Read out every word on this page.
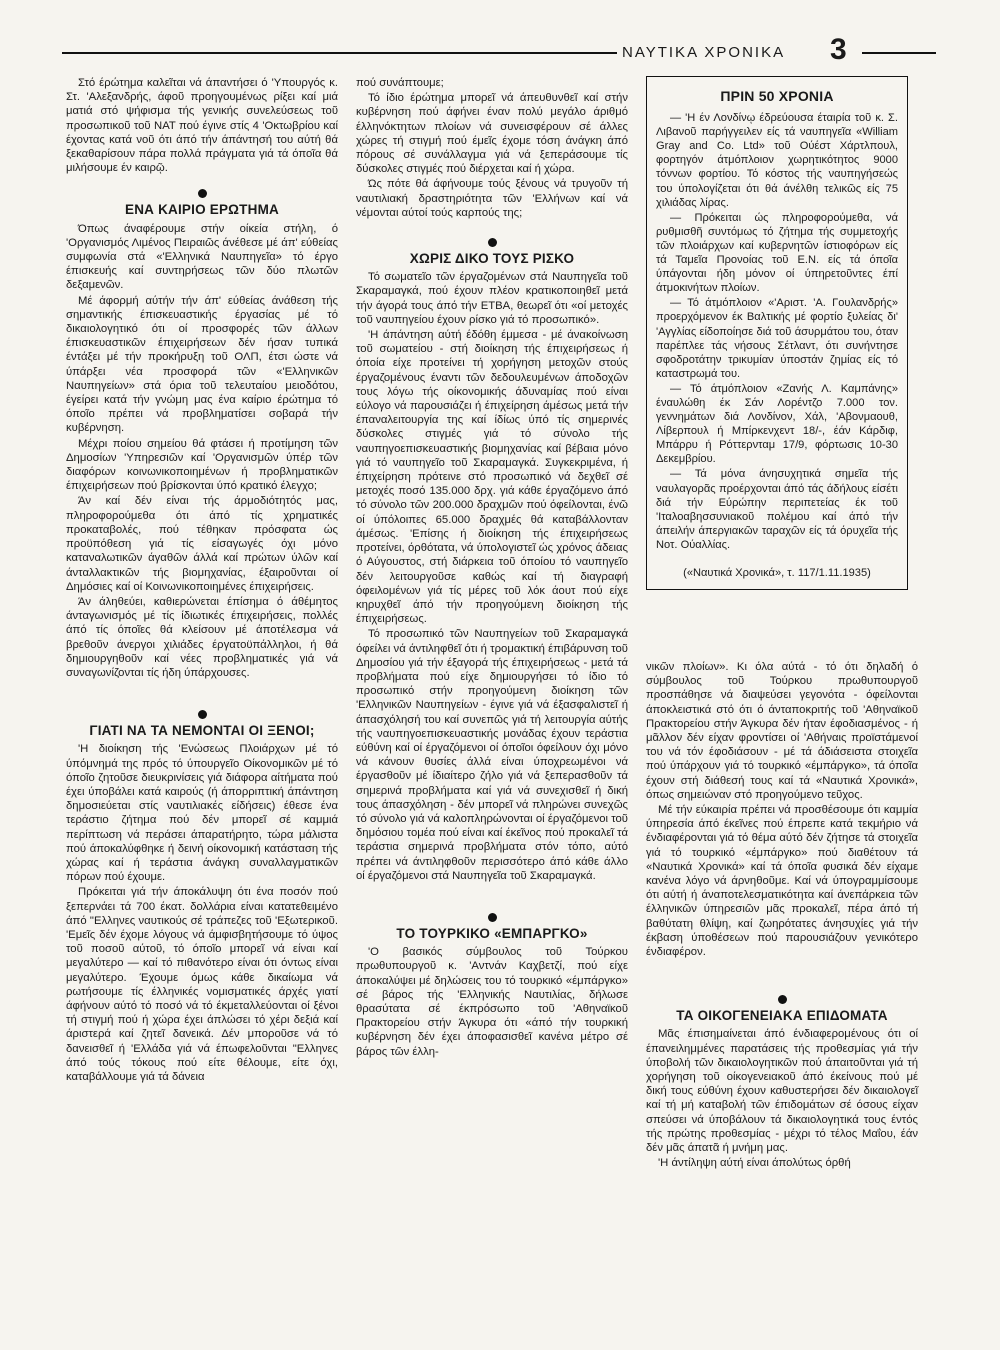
ΝΑΥΤΙΚΑ ΧΡΟΝΙΚΑ 3

Στό έρώτημα καλεῖται νά άπαντήσει ό 'Υπουργός κ. Στ. 'Αλεξανδρής, άφοῦ προηγουμένως ρίξει καί μιά ματιά στό ψήφισμα τής γενικής συνελεύσεως τοῦ προσωπικοῦ τοῦ ΝΑΤ πού έγινε στίς 4 'Οκτωβρίου καί έχοντας κατά νοῦ ότι άπό τήν άπάντησή του αύτή θά ξεκαθαρίσουν πάρα πολλά πράγματα γιά τά όποῖα θά μιλήσουμε έν καιρῷ.

ΕΝΑ ΚΑΙΡΙΟ ΕΡΩΤΗΜΑ

Όπως άναφέρουμε στήν οίκεία στήλη, ό 'Οργανισμός Λιμένος Πειραιῶς άνέθεσε μέ άπ' εύθείας συμφωνία στά «'Ελληνικά Ναυπηγεῖα» τό έργο έπισκευής καί συντηρήσεως τῶν δύο πλωτῶν δεξαμενῶν.

Μέ άφορμή αύτήν τήν άπ' εύθείας άνάθεση τής σημαντικής έπισκευαστικής έργασίας μέ τό δικαιολογητικό ότι οί προσφορές τῶν άλλων έπισκευαστικῶν έπιχειρήσεων δέν ήσαν τυπικά έντάξει μέ τήν προκήρυξη τοῦ ΟΛΠ, έτσι ώστε νά ύπάρξει νέα προσφορά τῶν «'Ελληνικῶν Ναυπηγείων» στά όρια τοῦ τελευταίου μειοδότου, έγείρει κατά τήν γνώμη μας ένα καίριο έρώτημα τό όποῖο πρέπει νά προβληματίσει σοβαρά τήν κυβέρνηση.

Μέχρι ποίου σημείου θά φτάσει ή προτίμηση τῶν Δημοσίων 'Υπηρεσιῶν καί 'Οργανισμῶν ύπέρ τῶν διαφόρων κοινωνικοποιημένων ή προβληματικῶν έπιχειρήσεων πού βρίσκονται ύπό κρατικό έλεγχο;

Άν καί δέν είναι τής άρμοδιότητός μας, πληροφορούμεθα ότι άπό τίς χρηματικές προκαταβολές, πού τέθηκαν πρόσφατα ώς προϋπόθεση γιά τίς είσαγωγές όχι μόνο καταναλωτικῶν άγαθῶν άλλά καί πρώτων ύλῶν καί άνταλλακτικῶν τής βιομηχανίας, έξαιροῦνται οί Δημόσιες καί οί Κοινωνικοποιημένες έπιχειρήσεις.

Άν άληθεύει, καθιερώνεται έπίσημα ό άθέμητος άνταγωνισμός μέ τίς ίδιωτικές έπιχειρήσεις, πολλές άπό τίς όποῖες θά κλείσουν μέ άποτέλεσμα νά βρεθοῦν άνεργοι χιλιάδες έργατοϋπάλληλοι, ή θά δημιουργηθοῦν καί νέες προβληματικές γιά νά συναγωνίζονται τίς ήδη ύπάρχουσες.

ΓΙΑΤΙ ΝΑ ΤΑ ΝΕΜΟΝΤΑΙ ΟΙ ΞΕΝΟΙ;

'Η διοίκηση τής 'Ενώσεως Πλοιάρχων μέ τό ύπόμνημά της πρός τό ύπουργεῖο Οίκονομικῶν μέ τό όποῖο ζητοῦσε διευκρινίσεις γιά διάφορα αίτήματα πού έχει ύποβάλει κατά καιρούς (ή άπορριπτική άπάντηση δημοσιεύεται στίς ναυτιλιακές είδήσεις) έθεσε ένα τεράστιο ζήτημα πού δέν μπορεῖ σέ καμμιά περίπτωση νά περάσει άπαρατήρητο, τώρα μάλιστα πού άποκαλύφθηκε ή δεινή οίκονομική κατάσταση τής χώρας καί ή τεράστια άνάγκη συναλλαγματικῶν πόρων πού έχουμε.

Πρόκειται γιά τήν άποκάλυψη ότι ένα ποσόν πού ξεπερνάει τά 700 έκατ. δολλάρια είναι κατατεθειμένο άπό "Ελληνες ναυτικούς σέ τράπεζες τοῦ 'Εξωτερικοῦ. 'Εμεῖς δέν έχομε λόγους νά άμφισβητήσουμε τό ύψος τοῦ ποσοῦ αύτοῦ, τό όποῖο μπορεῖ νά είναι καί μεγαλύτερο — καί τό πιθανότερο είναι ότι όντως είναι μεγαλύτερο. Έχουμε όμως κάθε δικαίωμα νά ρωτήσουμε τίς έλληνικές νομισματικές άρχές γιατί άφήνουν αύτό τό ποσό νά τό έκμεταλλεύονται οί ξένοι τή στιγμή πού ή χώρα έχει άπλώσει τό χέρι δεξιά καί άριστερά καί ζητεῖ δανεικά. Δέν μποροῦσε νά τό δανεισθεῖ ή 'Ελλάδα γιά νά έπωφελοῦνται "Ελληνες άπό τούς τόκους πού είτε θέλουμε, είτε όχι, καταβάλλουμε γιά τά δάνεια

πού συνάπτουμε;

Τό ίδιο έρώτημα μπορεῖ νά άπευθυνθεῖ καί στήν κυβέρνηση πού άφήνει έναν πολύ μεγάλο άριθμό έλληνόκτητων πλοίων νά συνεισφέρουν σέ άλλες χώρες τή στιγμή πού έμεῖς έχομε τόση άνάγκη άπό πόρους σέ συνάλλαγμα γιά νά ξεπεράσουμε τίς δύσκολες στιγμές πού διέρχεται καί ή χώρα.

Ώς πότε θά άφήνουμε τούς ξένους νά τρυγοῦν τή ναυτιλιακή δραστηριότητα τῶν 'Ελλήνων καί νά νέμονται αύτοί τούς καρπούς της;

ΧΩΡΙΣ ΔΙΚΟ ΤΟΥΣ ΡΙΣΚΟ

Τό σωματεῖο τῶν έργαζομένων στά Ναυπηγεῖα τοῦ Σκαραμαγκά, πού έχουν πλέον κρατικοποιηθεῖ μετά τήν άγορά τους άπό τήν ΕΤΒΑ, θεωρεῖ ότι «οί μετοχές τοῦ ναυπηγείου έχουν ρίσκο γιά τό προσωπικό».

'Η άπάντηση αύτή έδόθη έμμεσα - μέ άνακοίνωση τοῦ σωματείου - στή διοίκηση τής έπιχειρήσεως ή όποία είχε προτείνει τή χορήγηση μετοχῶν στούς έργαζομένους έναντι τῶν δεδουλευμένων άποδοχῶν τους λόγω τής οίκονομικής άδυναμίας πού είναι εύλογο νά παρουσιάζει ή έπιχείρηση άμέσως μετά τήν έπαναλειτουργία της καί ίδίως ύπό τίς σημερινές δύσκολες στιγμές γιά τό σύνολο τής ναυπηγοεπισκευαστικής βιομηχανίας καί βέβαια μόνο γιά τό ναυπηγεῖο τοῦ Σκαραμαγκά. Συγκεκριμένα, ή έπιχείρηση πρότεινε στό προσωπικό νά δεχθεῖ σέ μετοχές ποσό 135.000 δρχ. γιά κάθε έργαζόμενο άπό τό σύνολο τῶν 200.000 δραχμῶν πού όφείλονται, ένῶ οί ύπόλοιπες 65.000 δραχμές θά καταβάλλονταν άμέσως. 'Επίσης ή διοίκηση τής έπιχειρήσεως προτείνει, όρθότατα, νά ύπολογιστεῖ ώς χρόνος άδειας ό Αύγουστος, στή διάρκεια τοῦ όποίου τό ναυπηγεῖο δέν λειτουργοῦσε καθώς καί τή διαγραφή όφειλομένων γιά τίς μέρες τοῦ λόκ άουτ πού είχε κηρυχθεῖ άπό τήν προηγούμενη διοίκηση τής έπιχειρήσεως.

Τό προσωπικό τῶν Ναυπηγείων τοῦ Σκαραμαγκά όφείλει νά άντιληφθεῖ ότι ή τρομακτική έπιβάρυνση τοῦ Δημοσίου γιά τήν έξαγορά τής έπιχειρήσεως - μετά τά προβλήματα πού είχε δημιουργήσει τό ίδιο τό προσωπικό στήν προηγούμενη διοίκηση τῶν 'Ελληνικῶν Ναυπηγείων - έγινε γιά νά έξασφαλιστεῖ ή άπασχόλησή του καί συνεπῶς γιά τή λειτουργία αύτής τής ναυπηγοεπισκευαστικής μονάδας έχουν τεράστια εύθύνη καί οί έργαζόμενοι οί όποῖοι όφείλουν όχι μόνο νά κάνουν θυσίες άλλά είναι ύποχρεωμένοι νά έργασθοῦν μέ ίδιαίτερο ζήλο γιά νά ξεπερασθοῦν τά σημερινά προβλήματα καί γιά νά συνεχισθεῖ ή δική τους άπασχόληση - δέν μπορεῖ νά πληρώνει συνεχῶς τό σύνολο γιά νά καλοπληρώνονται οί έργαζόμενοι τοῦ δημόσιου τομέα πού είναι καί έκεῖνος πού προκαλεῖ τά τεράστια σημερινά προβλήματα στόν τόπο, αύτό πρέπει νά άντιληφθοῦν περισσότερο άπό κάθε άλλο οί έργαζόμενοι στά Ναυπηγεῖα τοῦ Σκαραμαγκά.

ΤΟ ΤΟΥΡΚΙΚΟ «ΕΜΠΑΡΓΚΟ»

'Ο βασικός σύμβουλος τοῦ Τούρκου πρωθυπουργοῦ κ. 'Αντνάν Καχβετζί, πού είχε άποκαλύψει μέ δηλώσεις του τό τουρκικό «έμπάργκο» σέ βάρος τής 'Ελληνικής Ναυτιλίας, δήλωσε θρασύτατα σέ έκπρόσωπο τοῦ 'Αθηναϊκοῦ Πρακτορείου στήν Άγκυρα ότι «άπό τήν τουρκική κυβέρνηση δέν έχει άποφασισθεῖ κανένα μέτρο σέ βάρος τῶν έλλη-

ΠΡΙΝ 50 ΧΡΟΝΙΑ

— 'Η έν Λονδίνῳ έδρεύουσα έταιρία τοῦ κ. Σ. Λιβανοῦ παρήγγειλεν είς τά ναυπηγεῖα «William Gray and Co. Ltd» τοῦ Ούέστ Χάρτλπουλ, φορτηγόν άτμόπλοιον χωρητικότητος 9000 τόννων φορτίου. Τό κόστος τής ναυπηγήσεώς του ύπολογίζεται ότι θά άνέλθη τελικῶς είς 75 χιλιάδας λίρας.

— Πρόκειται ώς πληροφορούμεθα, νά ρυθμισθῆ συντόμως τό ζήτημα τής συμμετοχής τῶν πλοιάρχων καί κυβερνητῶν ίστιοφόρων είς τά Ταμεῖα Προνοίας τοῦ Ε.Ν. είς τά όποῖα ύπάγονται ήδη μόνον οί ύπηρετοῦντες έπί άτμοκινήτων πλοίων.

— Τό άτμόπλοιον «'Αριστ. 'Α. Γουλανδρής» προερχόμενον έκ Βαλτικής μέ φορτίο ξυλείας δι' 'Αγγλίας είδοποίησε διά τοῦ άσυρμάτου του, όταν παρέπλεε τάς νήσους Σέτλαντ, ότι συνήντησε σφοδροτάτην τρικυμίαν ύποστάν ζημίας είς τό καταστρωμά του.

— Τό άτμόπλοιον «Ζανής Λ. Καμπάνης» έναυλώθη έκ Σάν Λορέντζο 7.000 τον. γεννημάτων διά Λονδίνον, Χάλ, 'Αβονμαουθ, Λίβερπουλ ή Μπίρκενχεντ 18/-, έάν Κάρδιφ, Μπάρρυ ή Ρόττερνταμ 17/9, φόρτωσις 10-30 Δεκεμβρίου.

— Τά μόνα άνησυχητικά σημεῖα τής ναυλαγορᾶς προέρχονται άπό τάς άδήλους είσέτι διά τήν Εύρώπην περιπετείας έκ τοῦ 'Ιταλοαβησσυνιακοῦ πολέμου καί άπό τήν άπειλήν άπεργιακῶν ταραχῶν είς τά όρυχεῖα τής Νοτ. Ούαλλίας.

(«Ναυτικά Χρονικά», τ. 117/1.11.1935)

νικῶν πλοίων». Κι όλα αύτά - τό ότι δηλαδή ό σύμβουλος τοῦ Τούρκου πρωθυπουργοῦ προσπάθησε νά διαψεύσει γεγονότα - όφείλονται άποκλειστικά στό ότι ό άνταποκριτής τοῦ 'Αθηναϊκοῦ Πρακτορείου στήν Άγκυρα δέν ήταν έφοδιασμένος - ή μᾶλλον δέν είχαν φροντίσει οί 'Αθήναις προϊστάμενοί του νά τόν έφοδιάσουν - μέ τά άδιάσειστα στοιχεῖα πού ύπάρχουν γιά τό τουρκικό «έμπάργκο», τά όποῖα έχουν στή διάθεσή τους καί τά «Ναυτικά Χρονικά», όπως σημειώναν στό προηγούμενο τεῦχος.

Μέ τήν εύκαιρία πρέπει νά προσθέσουμε ότι καμμία ύπηρεσία άπό έκεῖνες πού έπρεπε κατά τεκμήριο νά ένδιαφέρονται γιά τό θέμα αύτό δέν ζήτησε τά στοιχεῖα γιά τό τουρκικό «έμπάργκο» πού διαθέτουν τά «Ναυτικά Χρονικά» καί τά όποῖα φυσικά δέν είχαμε κανένα λόγο νά άρνηθοῦμε. Καί νά ύπογραμμίσουμε ότι αύτή ή άναποτελεσματικότητα καί άνεπάρκεια τῶν έλληνικῶν ύπηρεσιῶν μᾶς προκαλεῖ, πέρα άπό τή βαθύτατη θλίψη, καί ζωηρότατες άνησυχίες γιά τήν έκβαση ύποθέσεων πού παρουσιάζουν γενικότερο ένδιαφέρον.

ΤΑ ΟΙΚΟΓΕΝΕΙΑΚΑ ΕΠΙΔΟΜΑΤΑ

Μᾶς έπισημαίνεται άπό ένδιαφερομένους ότι οί έπανειλημμένες παρατάσεις τής προθεσμίας γιά τήν ύποβολή τῶν δικαιολογητικῶν πού άπαιτοῦνται γιά τή χορήγηση τοῦ οίκογενειακοῦ άπό έκείνους πού μέ δική τους εύθύνη έχουν καθυστερήσει δέν δικαιολογεῖ καί τή μή καταβολή τῶν έπιδομάτων σέ όσους είχαν σπεύσει νά ύποβάλουν τά δικαιολογητικά τους έντός τής πρώτης προθεσμίας - μέχρι τό τέλος Μαΐου, έάν δέν μᾶς άπατᾶ ή μνήμη μας.

'Η άντίληψη αύτή είναι άπολύτως όρθή
